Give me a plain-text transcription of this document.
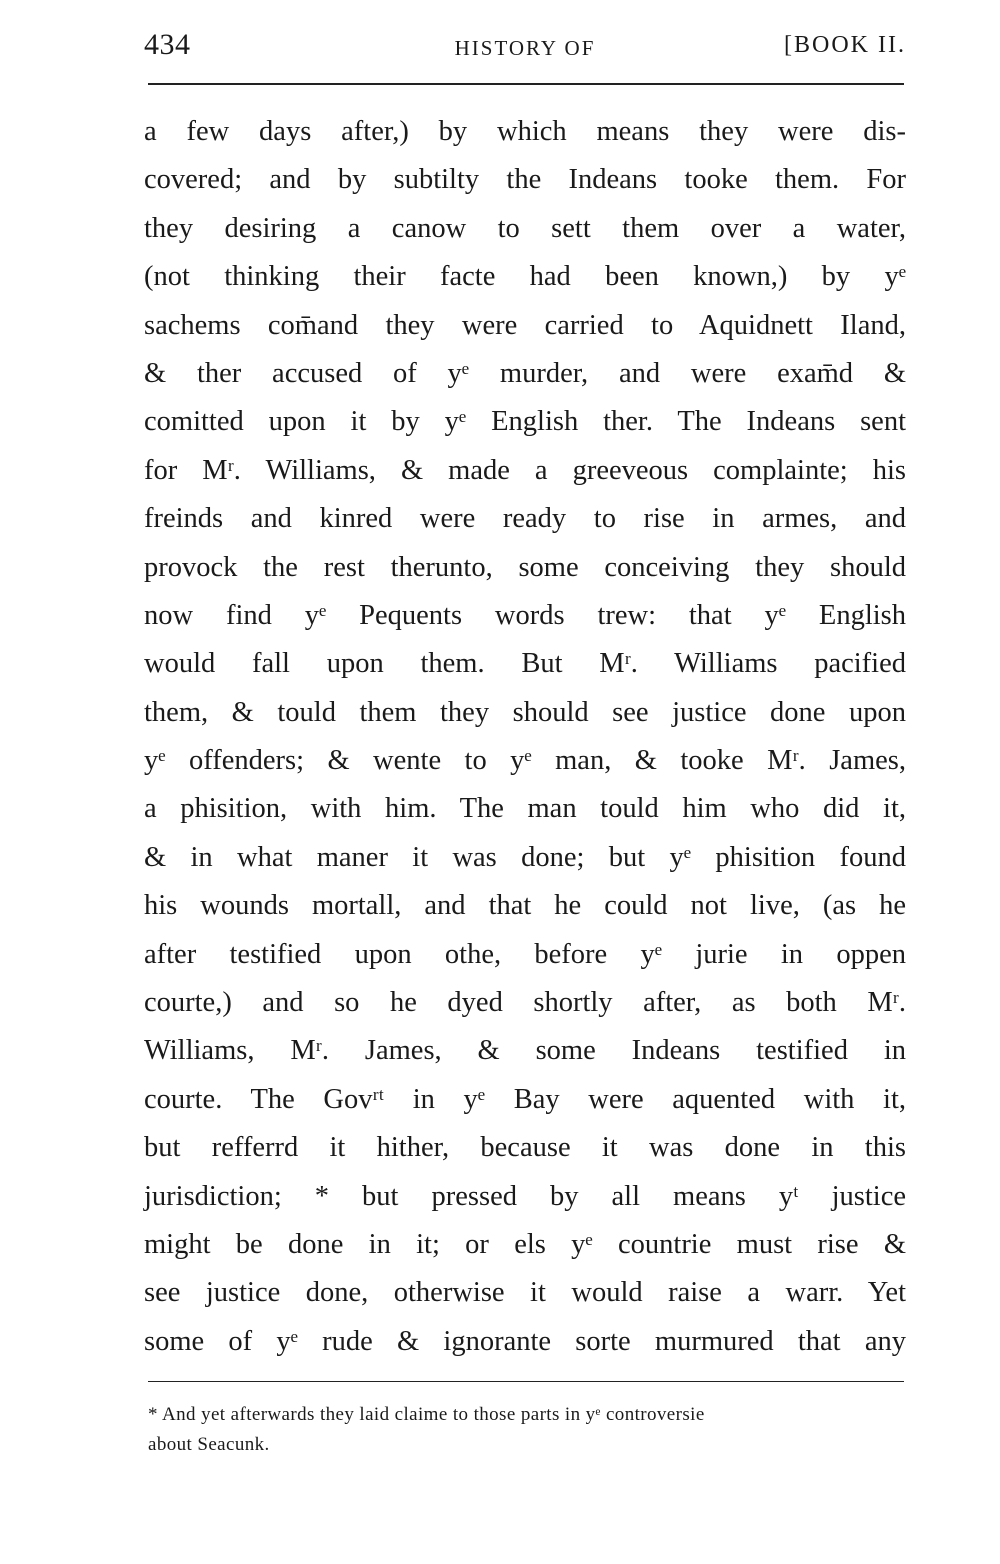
434	HISTORY OF	[BOOK II.
a few days after,) by which means they were dis-
covered; and by subtilty the Indeans tooke them. For
they desiring a canow to sett them over a water,
(not thinking their facte had been known,) by yᵉ
sachems com̄and they were carried to Aquidnett Iland,
& ther accused of yᵉ murder, and were exam̄d &
comitted upon it by yᵉ English ther. The Indeans sent
for Mʳ. Williams, & made a greeveous complainte; his
freinds and kinred were ready to rise in armes, and
provock the rest therunto, some conceiving they should
now find yᵉ Pequents words trew: that yᵉ English
would fall upon them. But Mʳ. Williams pacified
them, & tould them they should see justice done upon
yᵉ offenders; & wente to yᵉ man, & tooke Mʳ. James,
a phisition, with him. The man tould him who did it,
& in what maner it was done; but yᵉ phisition found
his wounds mortall, and that he could not live, (as he
after testified upon othe, before yᵉ jurie in oppen
courte,) and so he dyed shortly after, as both Mʳ.
Williams, Mʳ. James, & some Indeans testified in
courte. The Govʳᵗ in yᵉ Bay were aquented with it,
but refferrd it hither, because it was done in this
jurisdiction; * but pressed by all means yᵗ justice
might be done in it; or els yᵉ countrie must rise &
see justice done, otherwise it would raise a warr. Yet
some of yᵉ rude & ignorante sorte murmured that any
* And yet afterwards they laid claime to those parts in yᵉ controversie
about Seacunk.
